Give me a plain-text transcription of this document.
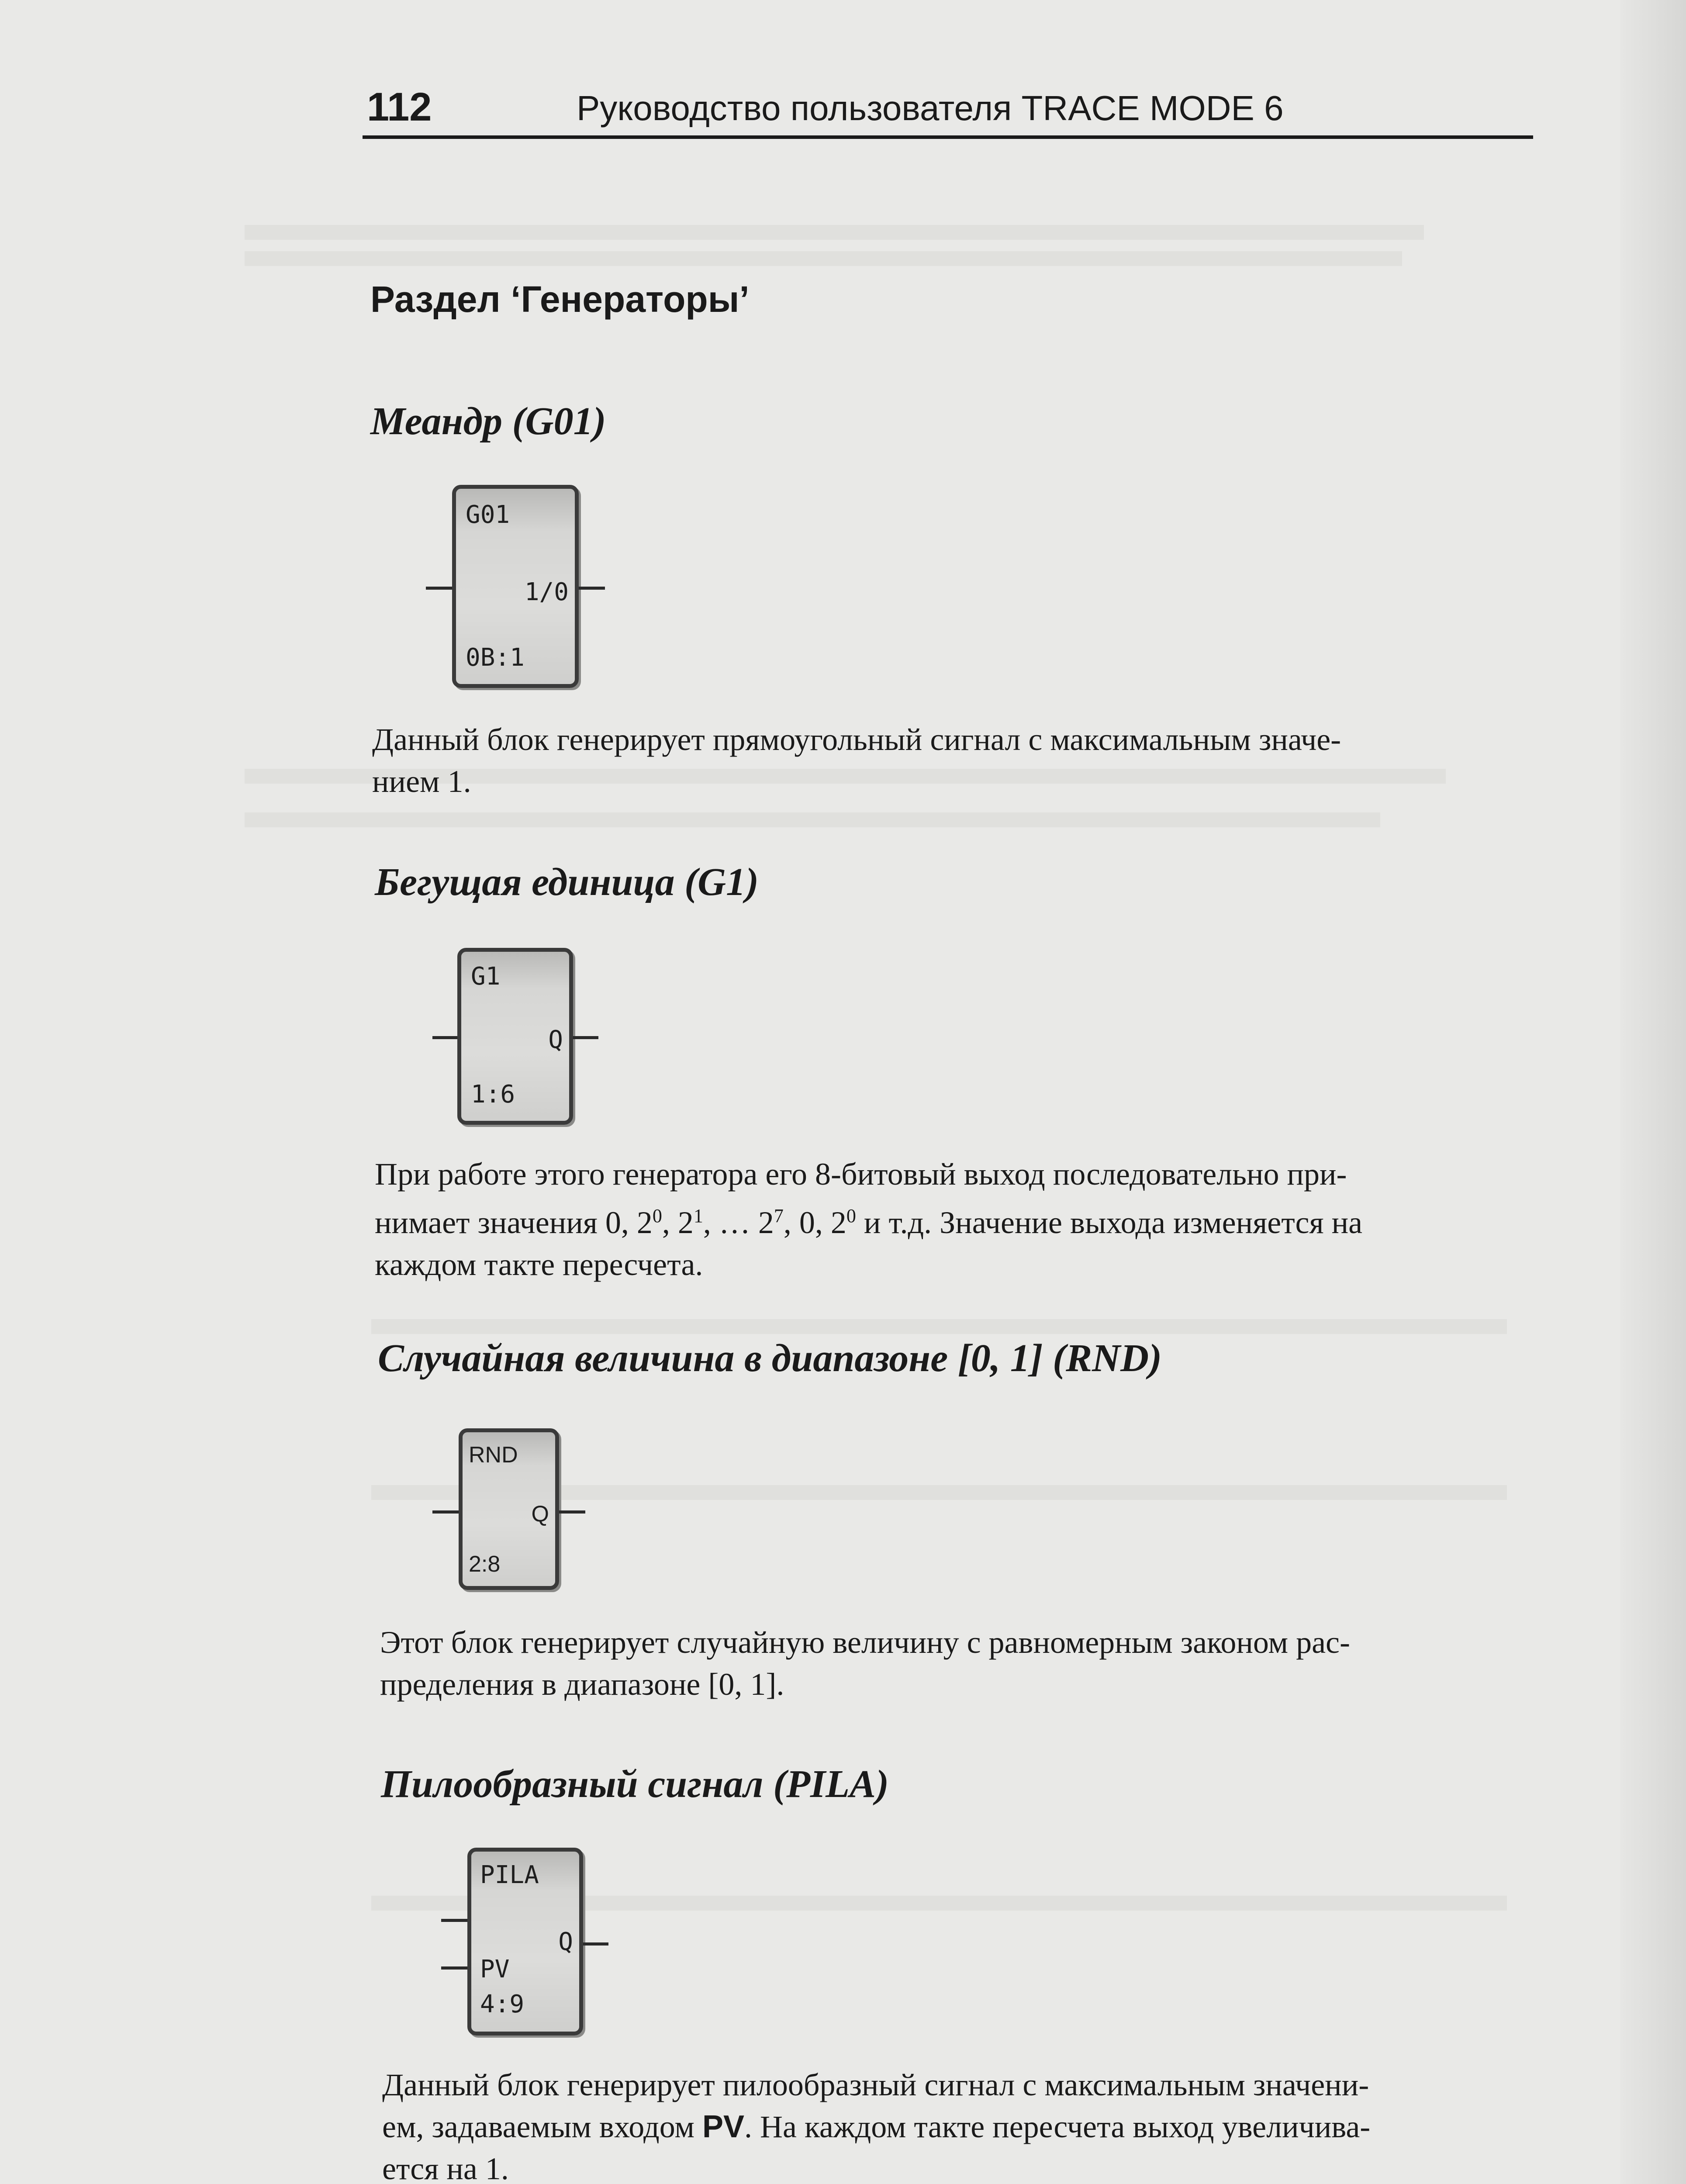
112	Руководство пользователя TRACE MODE 6
Раздел ‘Генераторы’
Меандр (G01)
G01
1/0
0B:1
Данный блок генерирует прямоугольный сигнал с максимальным значе-
нием 1.
Бегущая единица (G1)
G1
Q
1:6
При работе этого генератора его 8-битовый выход последовательно при-
нимает значения 0, $2^0$, $2^1$, … $2^7$, 0, $2^0$ и т.д. Значение выхода изменяется на
каждом такте пересчета.
Случайная величина в диапазоне [0, 1] (RND)
RND
Q
2:8
Этот блок генерирует случайную величину с равномерным законом рас-
пределения в диапазоне [0, 1].
Пилообразный сигнал (PILA)
PILA
Q
PV
4:9
Данный блок генерирует пилообразный сигнал с максимальным значени-
ем, задаваемым входом PV. На каждом такте пересчета выход увеличива-
ется на 1.
